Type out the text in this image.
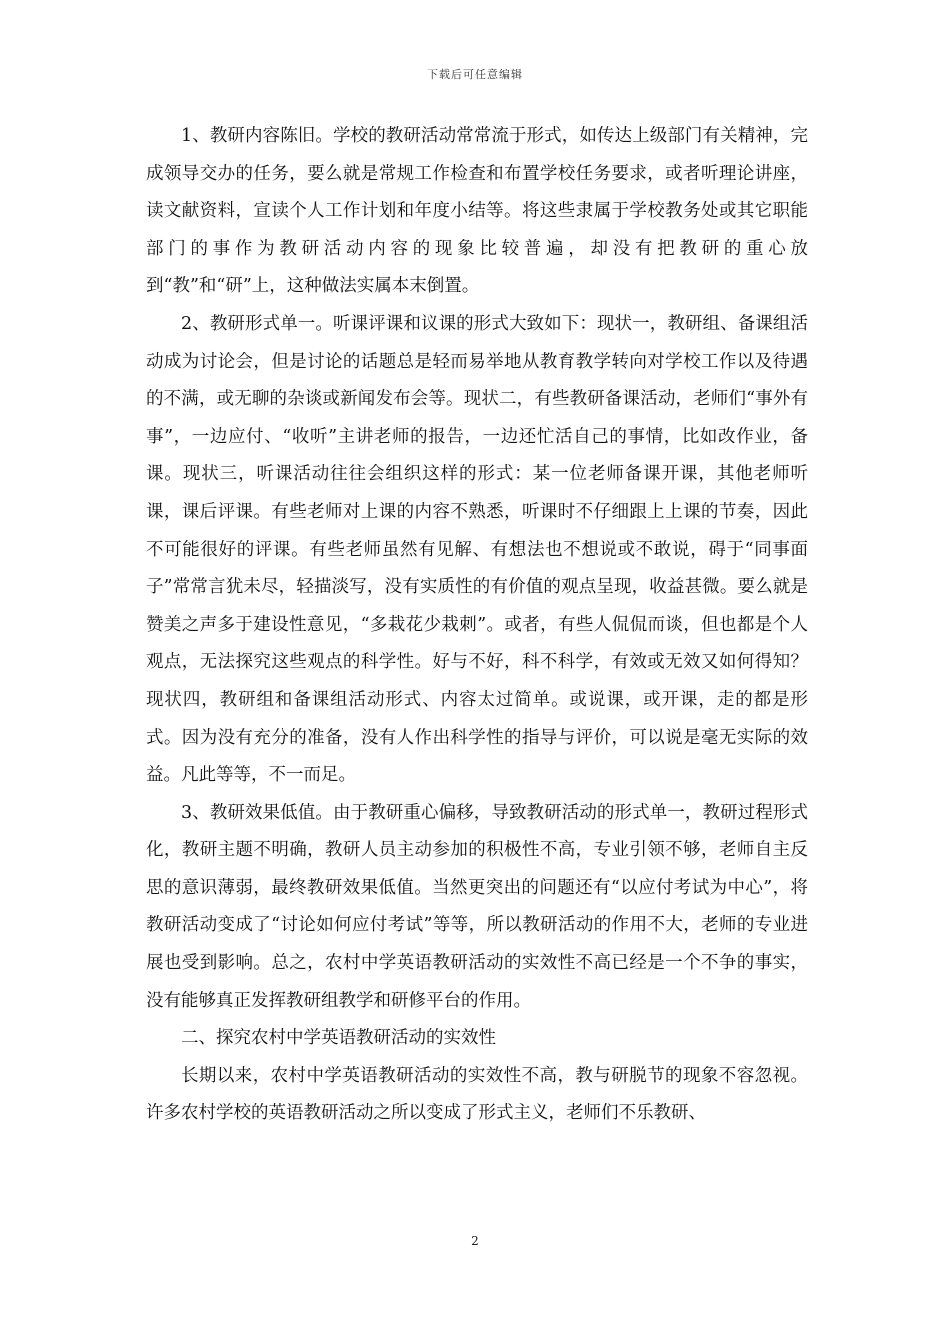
下载后可任意编辑

1、教研内容陈旧。学校的教研活动常常流于形式，如传达上级部门有关精神，完成领导交办的任务，要么就是常规工作检查和布置学校任务要求，或者听理论讲座，读文献资料，宣读个人工作计划和年度小结等。将这些隶属于学校教务处或其它职能部门的事作为教研活动内容的现象比较普遍，却没有把教研的重心放到“教”和“研”上，这种做法实属本末倒置。

2、教研形式单一。听课评课和议课的形式大致如下：现状一，教研组、备课组活动成为讨论会，但是讨论的话题总是轻而易举地从教育教学转向对学校工作以及待遇的不满，或无聊的杂谈或新闻发布会等。现状二，有些教研备课活动，老师们“事外有事”，一边应付、“收听”主讲老师的报告，一边还忙活自己的事情，比如改作业，备课。现状三，听课活动往往会组织这样的形式：某一位老师备课开课，其他老师听课，课后评课。有些老师对上课的内容不熟悉，听课时不仔细跟上上课的节奏，因此不可能很好的评课。有些老师虽然有见解、有想法也不想说或不敢说，碍于“同事面子”常常言犹未尽，轻描淡写，没有实质性的有价值的观点呈现，收益甚微。要么就是赞美之声多于建设性意见，“多栽花少栽刺”。或者，有些人侃侃而谈，但也都是个人观点，无法探究这些观点的科学性。好与不好，科不科学，有效或无效又如何得知？现状四，教研组和备课组活动形式、内容太过简单。或说课，或开课，走的都是形式。因为没有充分的准备，没有人作出科学性的指导与评价，可以说是毫无实际的效益。凡此等等，不一而足。

3、教研效果低值。由于教研重心偏移，导致教研活动的形式单一，教研过程形式化，教研主题不明确，教研人员主动参加的积极性不高，专业引领不够，老师自主反思的意识薄弱，最终教研效果低值。当然更突出的问题还有“以应付考试为中心”，将教研活动变成了“讨论如何应付考试”等等，所以教研活动的作用不大，老师的专业进展也受到影响。总之，农村中学英语教研活动的实效性不高已经是一个不争的事实，没有能够真正发挥教研组教学和研修平台的作用。

二、探究农村中学英语教研活动的实效性

长期以来，农村中学英语教研活动的实效性不高，教与研脱节的现象不容忽视。许多农村学校的英语教研活动之所以变成了形式主义，老师们不乐教研、

2
